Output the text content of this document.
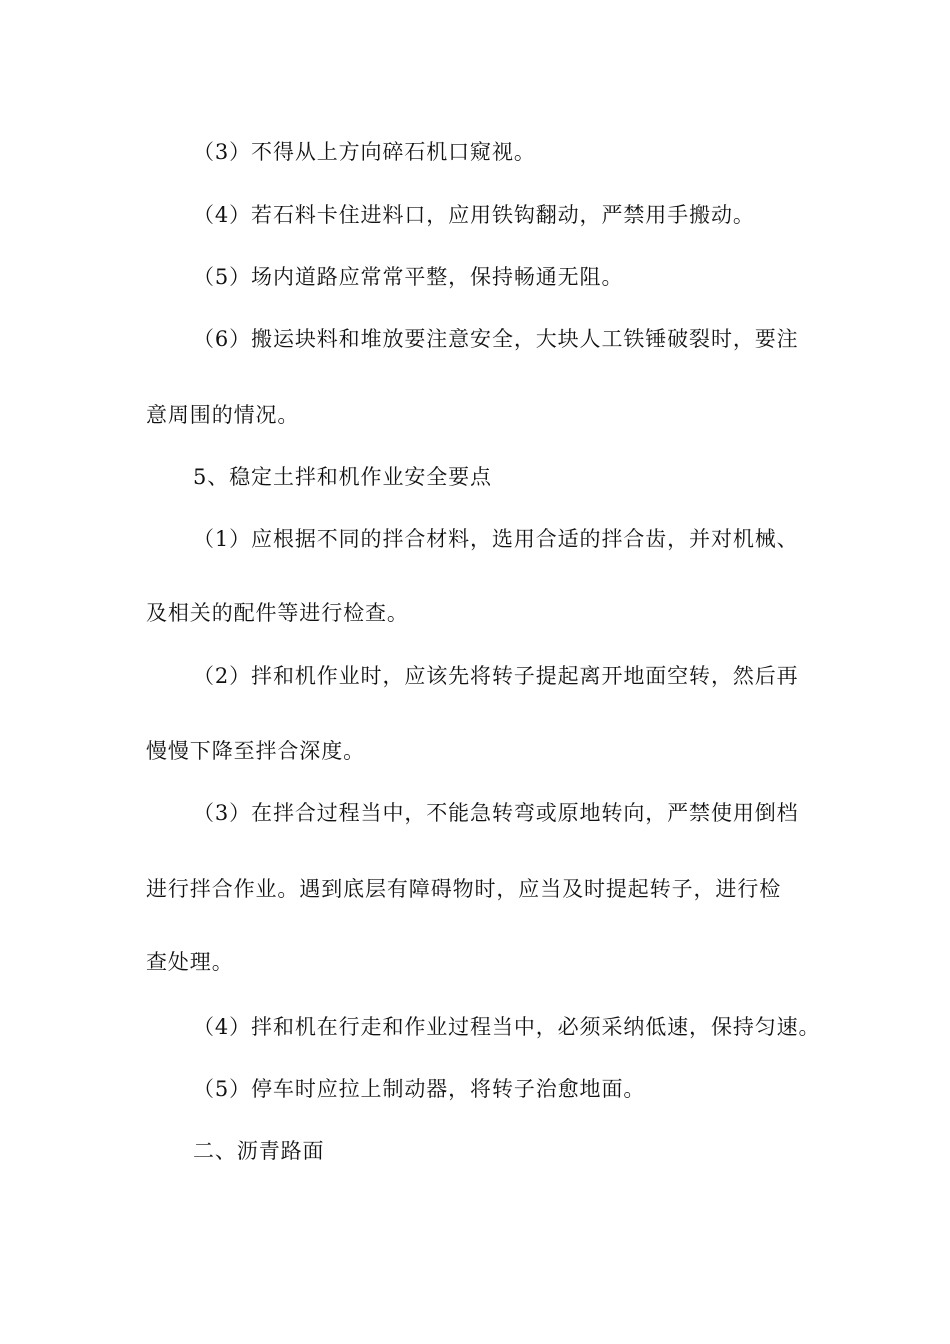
（3）不得从上方向碎石机口窥视。
（4）若石料卡住进料口，应用铁钩翻动，严禁用手搬动。
（5）场内道路应常常平整，保持畅通无阻。
（6）搬运块料和堆放要注意安全，大块人工铁锤破裂时，要注
意周围的情况。
5、稳定土拌和机作业安全要点
（1）应根据不同的拌合材料，选用合适的拌合齿，并对机械、
及相关的配件等进行检查。
（2）拌和机作业时，应该先将转子提起离开地面空转，然后再
慢慢下降至拌合深度。
（3）在拌合过程当中，不能急转弯或原地转向，严禁使用倒档
进行拌合作业。遇到底层有障碍物时，应当及时提起转子，进行检
查处理。
（4）拌和机在行走和作业过程当中，必须采纳低速，保持匀速。
（5）停车时应拉上制动器，将转子治愈地面。
二、沥青路面
